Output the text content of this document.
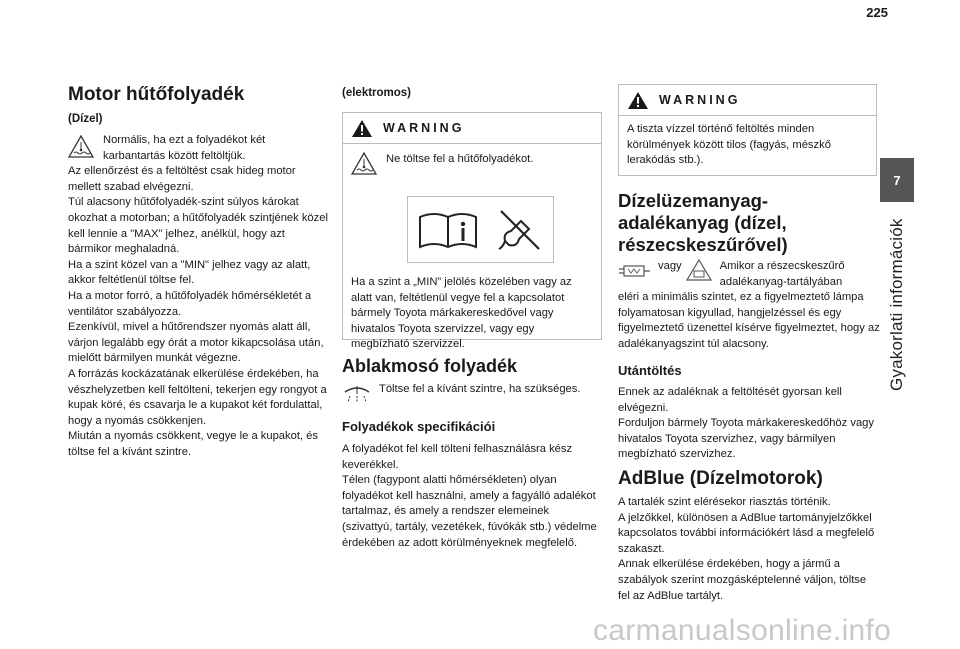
225
7
Gyakorlati információk
Motor hűtőfolyadék
(Dízel)

Normális, ha ezt a folyadékot két karbantartás között feltöltjük.

Az ellenőrzést és a feltöltést csak hideg motor mellett szabad elvégezni.

Túl alacsony hűtőfolyadék-szint súlyos károkat okozhat a motorban; a hűtőfolyadék szintjének közel kell lennie a "MAX" jelhez, anélkül, hogy azt bármikor meghaladná.

Ha a szint közel van a "MIN" jelhez vagy az alatt, akkor feltétlenül töltse fel.

Ha a motor forró, a hűtőfolyadék hőmérsékletét a ventilátor szabályozza.

Ezenkívül, mivel a hűtőrendszer nyomás alatt áll, várjon legalább egy órát a motor kikapcsolása után, mielőtt bármilyen munkát végezne.

A forrázás kockázatának elkerülése érdekében, ha vészhelyzetben kell feltölteni, tekerjen egy rongyot a kupak köré, és csavarja le a kupakot két fordulattal, hogy a nyomás csökkenjen.

Miután a nyomás csökkent, vegye le a kupakot, és töltse fel a kívánt szintre.

(elektromos)
WARNING

Ne töltse fel a hűtőfolyadékot.

Ha a szint a „MIN” jelölés közelében vagy az alatt van, feltétlenül vegye fel a kapcsolatot bármely Toyota márkakereskedővel vagy hivatalos Toyota szervizzel, vagy egy megbízható szervizzel.

Ablakmosó folyadék

Töltse fel a kívánt szintre, ha szükséges.

Folyadékok specifikációi

A folyadékot fel kell tölteni felhasználásra kész keverékkel.

Télen (fagypont alatti hőmérsékleten) olyan folyadékot kell használni, amely a fagyálló adalékot tartalmaz, és amely a rendszer elemeinek (szivattyú, tartály, vezetékek, fúvókák stb.) védelme érdekében az adott körülményeknek megfelelő.

WARNING

A tiszta vízzel történő feltöltés minden körülmények között tilos (fagyás, mészkő lerakódás stb.).

Dízelüzemanyag-adalékanyag (dízel, részecskeszűrővel)
vagy	Amikor a részecskeszűrő adalékanyag-tartályában

eléri a minimális szintet, ez a figyelmeztető lámpa folyamatosan kigyullad, hangjelzéssel és egy figyelmeztető üzenettel kísérve figyelmeztet, hogy az adalékanyagszint túl alacsony.

Utántöltés

Ennek az adaléknak a feltöltését gyorsan kell elvégezni.

Forduljon bármely Toyota márkakereskedőhöz vagy hivatalos Toyota szervizhez, vagy bármilyen megbízható szervizhez.

AdBlue (Dízelmotorok)

A tartalék szint elérésekor riasztás történik.

A jelzőkkel, különösen a AdBlue tartományjelzőkkel kapcsolatos további információkért lásd a megfelelő szakaszt.

Annak elkerülése érdekében, hogy a jármű a szabályok szerint mozgásképtelenné váljon, töltse fel az AdBlue tartályt.

carmanualsonline.info
